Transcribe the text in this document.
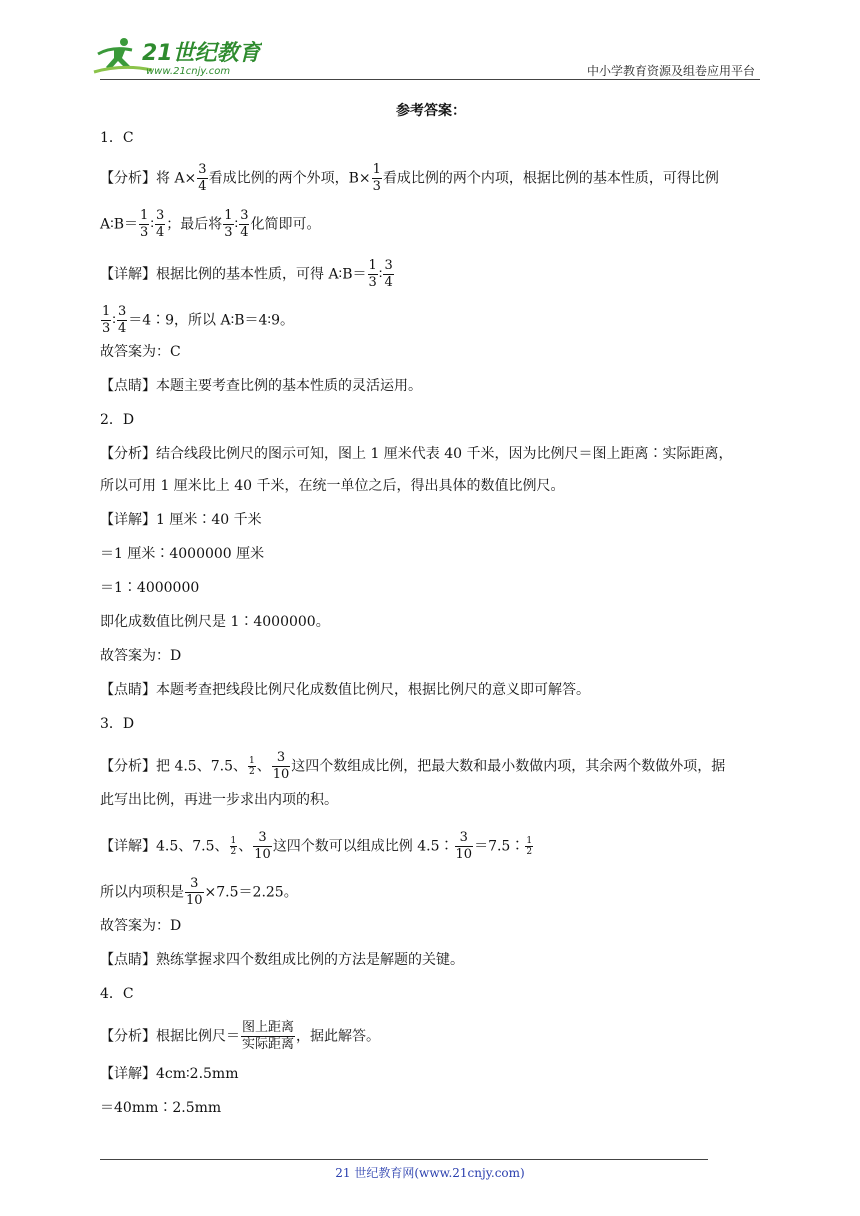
21世纪教育
www.21cnjy.com	中小学教育资源及组卷应用平台
参考答案：
1．C
【分析】将 $A\times \frac{3}{4}$ 看成比例的两个外项，$B\times \frac{1}{3}$ 看成比例的两个内项，根据比例的基本性质，可得比例
A∶B＝ $\frac{1}{3}$ ∶ $\frac{3}{4}$ ；最后将 $\frac{1}{3}$ ∶ $\frac{3}{4}$ 化简即可。
【详解】根据比例的基本性质，可得 A∶B＝ $\frac{1}{3}$ ∶ $\frac{3}{4}$
$\frac{1}{3}$ ∶ $\frac{3}{4}$ ＝4∶9，所以 A∶B＝4∶9。
故答案为：C
【点睛】本题主要考查比例的基本性质的灵活运用。
2．D
【分析】结合线段比例尺的图示可知，图上 1 厘米代表 40 千米，因为比例尺＝图上距离∶实际距离，
所以可用 1 厘米比上 40 千米，在统一单位之后，得出具体的数值比例尺。
【详解】1 厘米∶40 千米
＝1 厘米∶4000000 厘米
＝1∶4000000
即化成数值比例尺是 1∶4000000。
故答案为：D
【点睛】本题考查把线段比例尺化成数值比例尺，根据比例尺的意义即可解答。
3．D
【分析】把 4.5、7.5、 $\frac{1}{2}$ 、 $\frac{3}{10}$ 这四个数组成比例，把最大数和最小数做内项，其余两个数做外项，据
此写出比例，再进一步求出内项的积。
【详解】4.5、7.5、 $\frac{1}{2}$ 、 $\frac{3}{10}$ 这四个数可以组成比例 4.5∶ $\frac{3}{10}$ ＝7.5∶ $\frac{1}{2}$
所以内项积是 $\frac{3}{10} \times 7.5=2.25$。
故答案为：D
【点睛】熟练掌握求四个数组成比例的方法是解题的关键。
4．C
【分析】根据比例尺＝ $\frac{\text{图上距离}}{\text{实际距离}}$ ，据此解答。
【详解】4cm∶2.5mm
＝40mm∶2.5mm
21 世纪教育网(www.21cnjy.com)
